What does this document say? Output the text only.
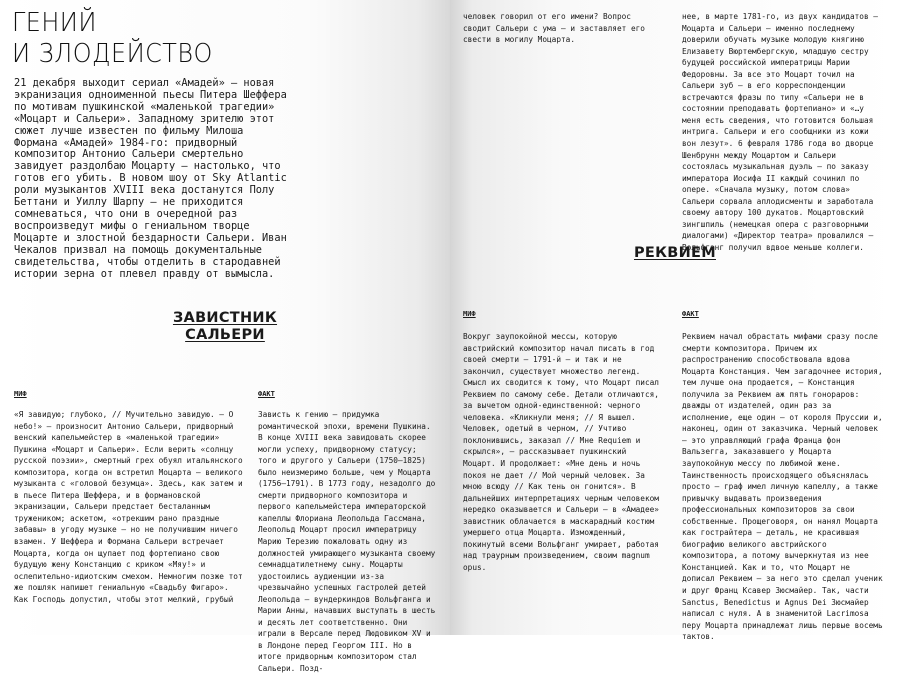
ГЕНИЙ
И ЗЛОДЕЙСТВО

21 декабря выходит сериал «Амадей» — новая экранизация одноименной пьесы Питера Шеффера по мотивам пушкинской «маленькой трагедии» «Моцарт и Сальери». Западному зрителю этот сюжет лучше известен по фильму Милоша Формана «Амадей» 1984-го: придворный композитор Антонио Сальери смертельно завидует раздолбаю Моцарту — настолько, что готов его убить. В новом шоу от Sky Atlantic роли музыкантов XVIII века достанутся Полу Беттани и Уиллу Шарпу — не приходится сомневаться, что они в очередной раз воспроизведут мифы о гениальном творце Моцарте и злостной бездарности Сальери. Иван Чекалов призвал на помощь документальные свидетельства, чтобы отделить в стародавней истории зерна от плевел правду от вымысла.

ЗАВИСТНИК
САЛЬЕРИ

МИФ	ФАКТ

«Я завидую; глубоко, // Мучительно завидую. — О небо!» — произносит Антонио Сальери, придворный венский капельмейстер в «маленькой трагедии» Пушкина «Моцарт и Сальери». Если верить «солнцу русской поэзии», смертный грех обуял итальянского композитора, когда он встретил Моцарта — великого музыканта с «головой безумца». Здесь, как затем и в пьесе Питера Шеффера, и в формановской экранизации, Сальери предстает бесталанным тружеником; аскетом, «отрекшим рано праздные забавы» в угоду музыке — но не получившим ничего взамен. У Шеффера и Формана Сальери встречает Моцарта, когда он щупает под фортепиано свою будущую жену Констанцию с криком «Мяу!» и ослепительно-идиотским смехом. Немногим позже тот же пошляк напишет гениальную «Свадьбу Фигаро». Как Господь допустил, чтобы этот мелкий, грубый

Зависть к гению — придумка романтической эпохи, времени Пушкина. В конце XVIII века завидовать скорее могли успеху, придворному статусу; того и другого у Сальери (1750–1825) было неизмеримо больше, чем у Моцарта (1756–1791). В 1773 году, незадолго до смерти придворного композитора и первого капельмейстера императорской капеллы Флориана Леопольда Гассмана, Леопольд Моцарт просил императрицу Марию Терезию пожаловать одну из должностей умирающего музыканта своему семнадцатилетнему сыну. Моцарты удостоились аудиенции из-за чрезвычайно успешных гастролей детей Леопольда — вундеркиндов Вольфганга и Марии Анны, начавших выступать в шесть и десять лет соответственно. Они играли в Версале перед Людовиком XV и в Лондоне перед Георгом III. Но в итоге придворным композитором стал Сальери. Позд-

человек говорил от его имени? Вопрос сводит Сальери с ума — и заставляет его свести в могилу Моцарта.

нее, в марте 1781-го, из двух кандидатов — Моцарта и Сальери — именно последнему доверили обучать музыке молодую княгиню Елизавету Вюртембергскую, младшую сестру будущей российской императрицы Марии Федоровны. За все это Моцарт точил на Сальери зуб — в его корреспонденции встречаются фразы по типу «Сальери не в состоянии преподавать фортепиано» и «…у меня есть сведения, что готовится большая интрига. Сальери и его сообщники из кожи вон лезут». 6 февраля 1786 года во дворце Шенбрунн между Моцартом и Сальери состоялась музыкальная дуэль — по заказу императора Иосифа II каждый сочинил по опере. «Сначала музыку, потом слова» Сальери сорвала аплодисменты и заработала своему автору 100 дукатов. Моцартовский зингшпиль (немецкая опера с разговорными диалогами) «Директор театра» провалился — Вольфганг получил вдвое меньше коллеги.

РЕКВИЕМ

МИФ	ФАКТ

Вокруг заупокойной мессы, которую австрийский композитор начал писать в год своей смерти — 1791-й — и так и не закончил, существует множество легенд. Смысл их сводится к тому, что Моцарт писал Реквием по самому себе. Детали отличаются, за вычетом одной-единственной: черного человека. «Кликнули меня; // Я вышел. Человек, одетый в черном, // Учтиво поклонившись, заказал // Мне Requiem и скрылся», — рассказывает пушкинский Моцарт. И продолжает: «Мне день и ночь покоя не дает // Мой черный человек. За мною всюду // Как тень он гонится». В дальнейших интерпретациях черным человеком нередко оказывается и Сальери — в «Амадее» завистник облачается в маскарадный костюм умершего отца Моцарта. Изможденный, покинутый всеми Вольфганг умирает, работая над траурным произведением, своим magnum opus.

Реквием начал обрастать мифами сразу после смерти композитора. Причем их распространению способствовала вдова Моцарта Констанция. Чем загадочнее история, тем лучше она продается, — Констанция получила за Реквием аж пять гонораров: дважды от издателей, один раз за исполнение, еще один — от короля Пруссии и, наконец, один от заказчика. Черный человек — это управляющий графа Франца фон Вальзегга, заказавшего у Моцарта заупокойную мессу по любимой жене. Таинственность происходящего объяснялась просто — граф имел личную капеллу, а также привычку выдавать произведения профессиональных композиторов за свои собственные. Прощеговоря, он нанял Моцарта как гострайтера — деталь, не красившая биографию великого австрийского композитора, а потому вычеркнутая из нее Констанцией. Как и то, что Моцарт не дописал Реквием — за него это сделал ученик и друг Франц Ксавер Зюсмайер. Так, части Sanctus, Benedictus и Agnus Dei Зюсмайер написал с нуля. А в знаменитой Lacrimosa перу Моцарта принадлежат лишь первые восемь тактов.
